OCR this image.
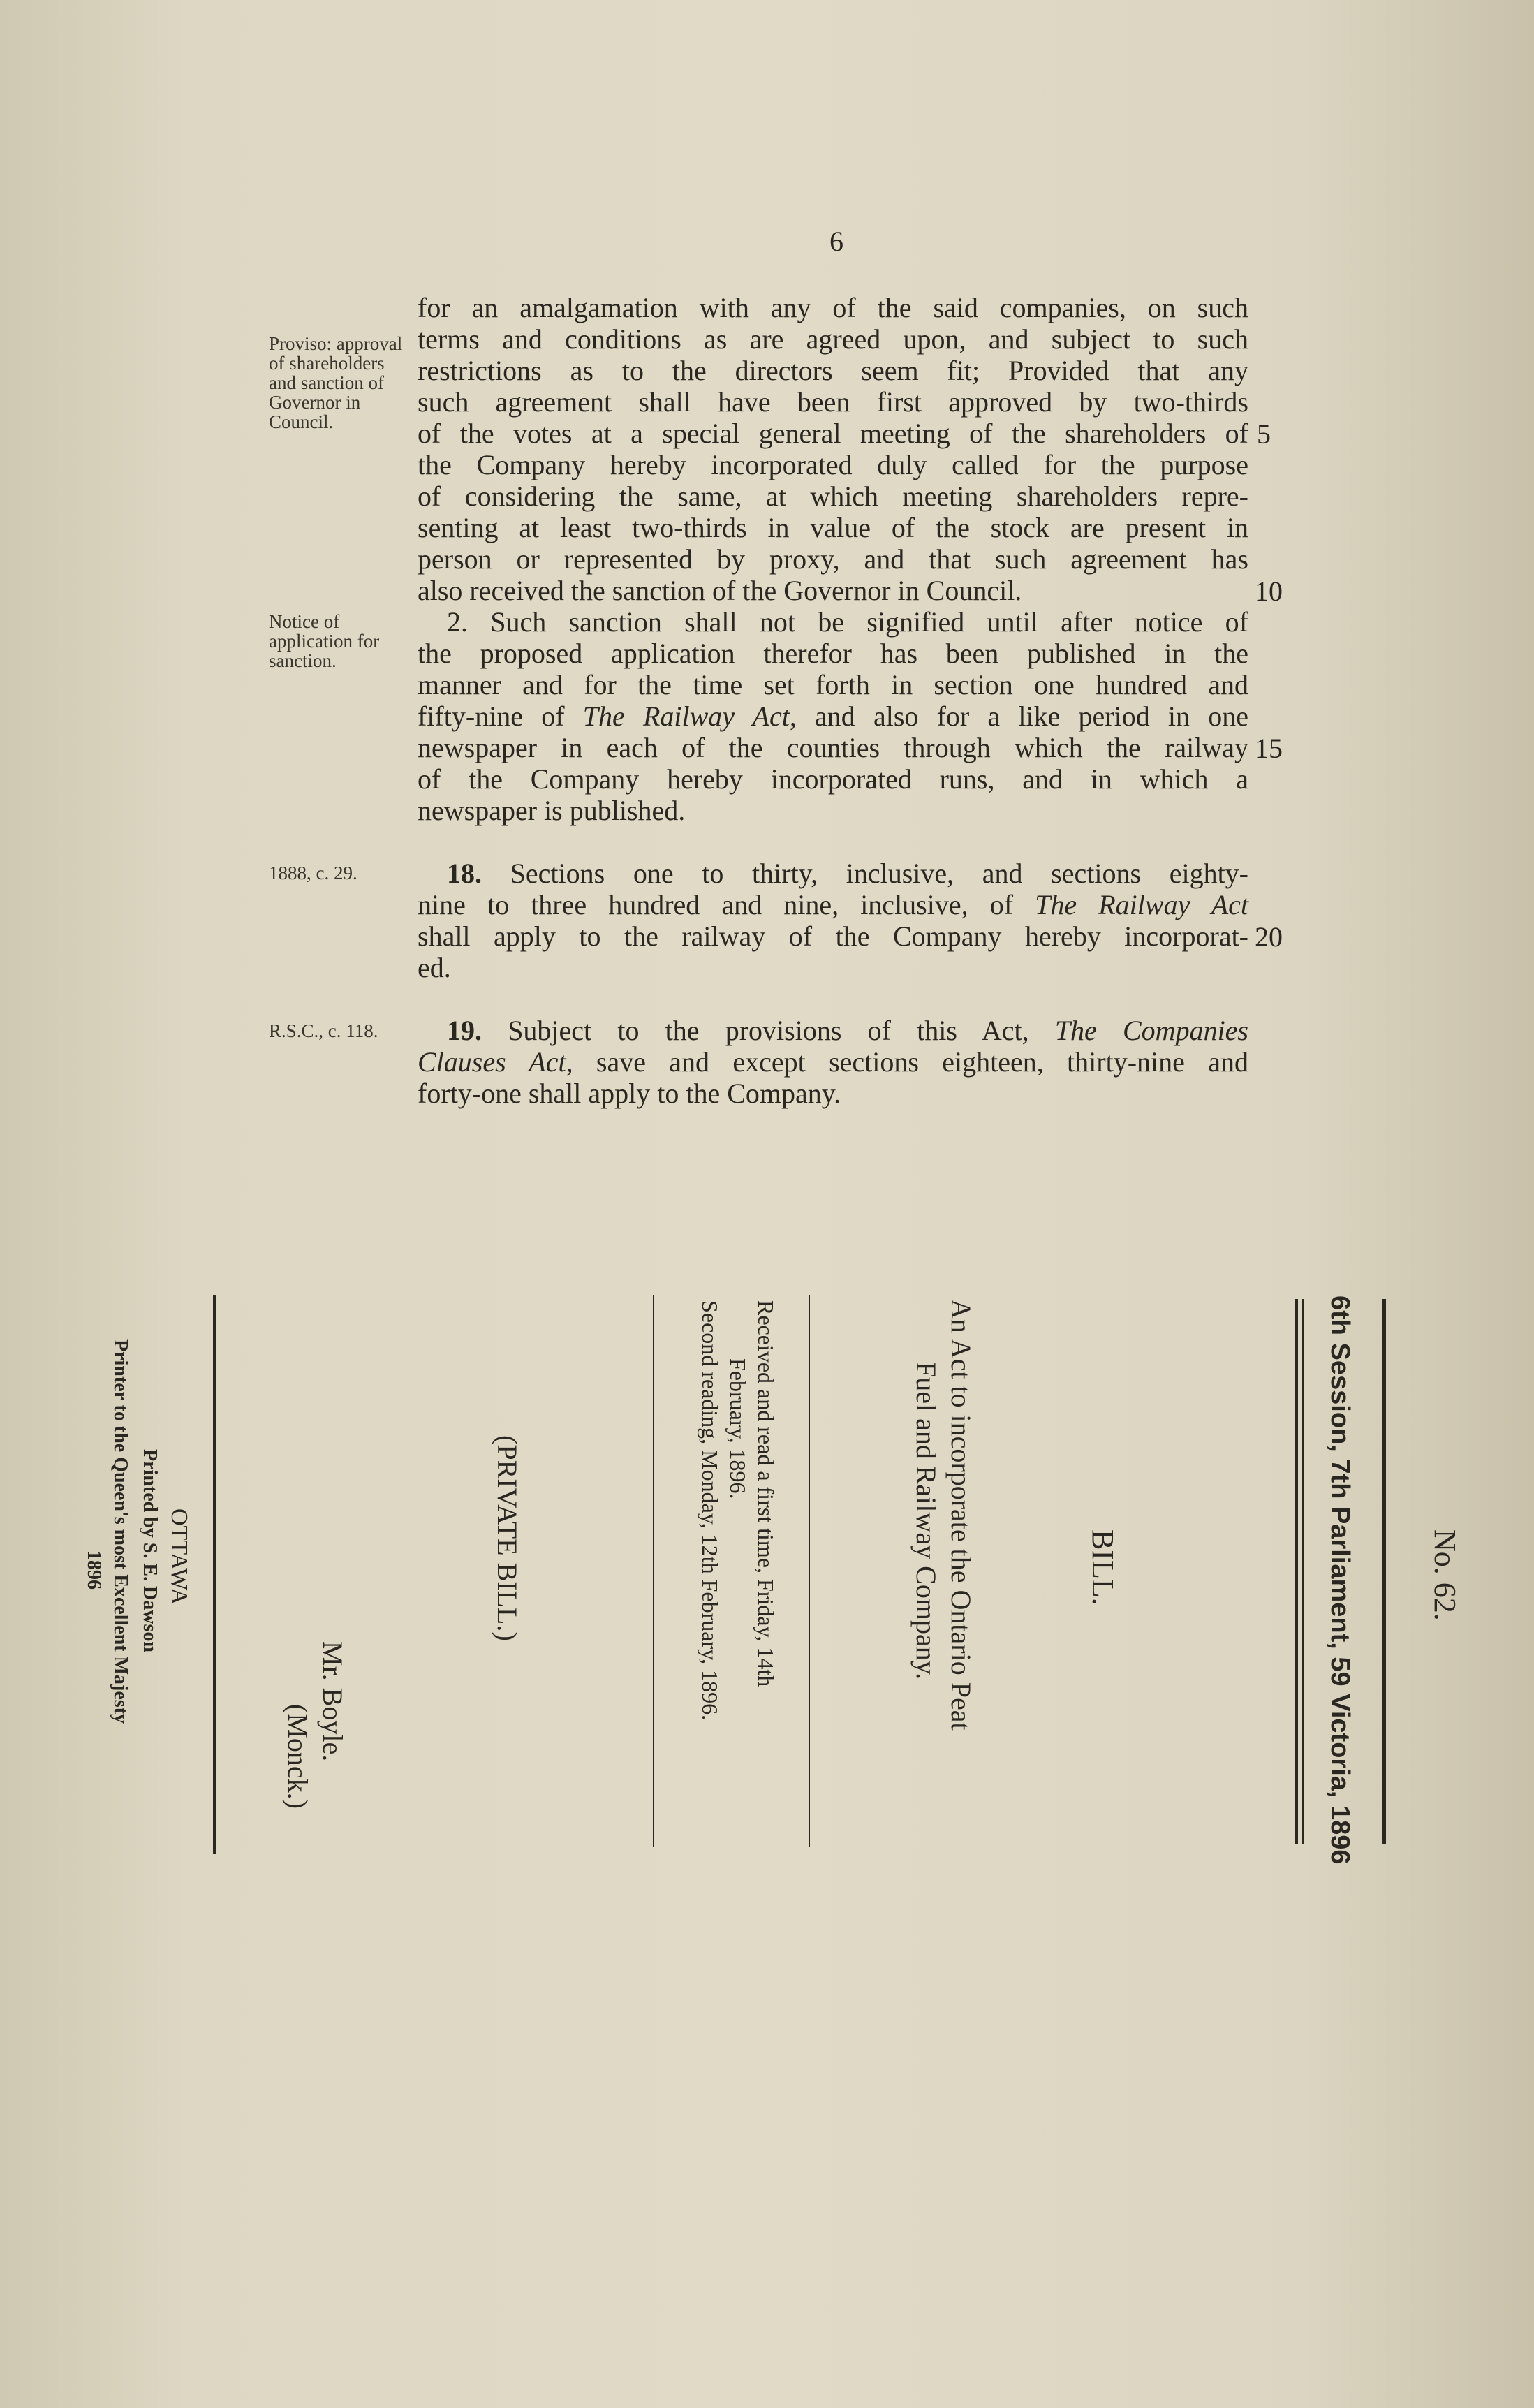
6
Proviso: approval of shareholders and sanction of Governor in Council.
Notice of application for sanction.
1888, c. 29.
R.S.C., c. 118.
for an amalgamation with any of the said companies, on such
terms and conditions as are agreed upon, and subject to such
restrictions as to the directors seem fit; Provided that any
such agreement shall have been first approved by two-thirds
of the votes at a special general meeting of the shareholders of
the Company hereby incorporated duly called for the purpose
of considering the same, at which meeting shareholders repre-
senting at least two-thirds in value of the stock are present in
person or represented by proxy, and that such agreement has
also received the sanction of the Governor in Council.
2. Such sanction shall not be signified until after notice of
the proposed application therefor has been published in the
manner and for the time set forth in section one hundred and
fifty-nine of The Railway Act, and also for a like period in one
newspaper in each of the counties through which the railway
of the Company hereby incorporated runs, and in which a
newspaper is published.
18. Sections one to thirty, inclusive, and sections eighty-
nine to three hundred and nine, inclusive, of The Railway Act
shall apply to the railway of the Company hereby incorporat-
ed.
19. Subject to the provisions of this Act, The Companies
Clauses Act, save and except sections eighteen, thirty-nine and
forty-one shall apply to the Company.
5
10
15
20
No. 62.
6th Session, 7th Parliament, 59 Victoria, 1896
BILL.
An Act to incorporate the Ontario Peat
Fuel and Railway Company.
Received and read a first time, Friday, 14th
February, 1896.
Second reading, Monday, 12th February, 1896.
(PRIVATE BILL.)
Mr. Boyle.
(Monck.)
OTTAWA
Printed by S. E. Dawson
Printer to the Queen's most Excellent Majesty
1896
